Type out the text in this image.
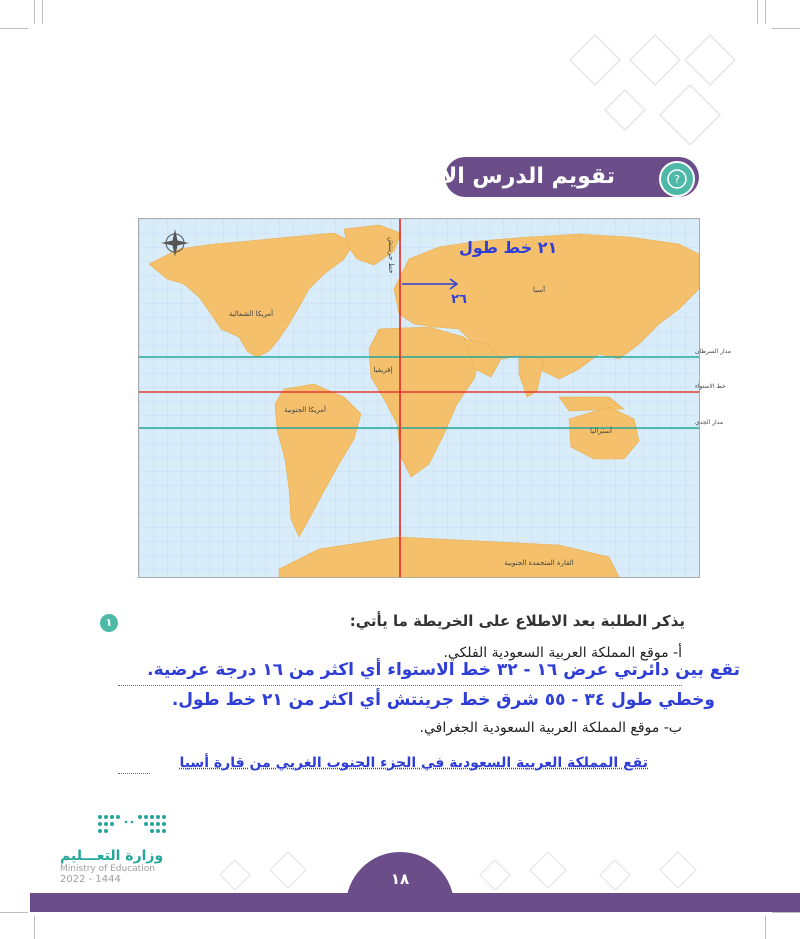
تقويم الدرس الأول	?
٢١ خط طول
٢٦
خط جرينتش
مدار السرطان
خط الاستواء
مدار الجدي
أمريكا الشمالية
أمريكا الجنوبية
إفريقيا
آسيا
أستراليا
القارة المتجمدة الجنوبية
١	يذكر الطلبة بعد الاطلاع على الخريطة ما يأتي:
أ- موقع المملكة العربية السعودية الفلكي.
تقع بين دائرتي عرض ١٦ - ٣٢ خط الاستواء أي اكثر من ١٦ درجة عرضية.
وخطي طول ٣٤ - ٥٥ شرق خط جرينتش أي اكثر من ٢١ خط طول.
ب- موقع المملكة العربية السعودية الجغرافي.
تقع المملكة العربية السعودية في الجزء الجنوب الغربي من قارة أسيا
وزارة التعـــليم
Ministry of Education
2022 - 1444	١٨
